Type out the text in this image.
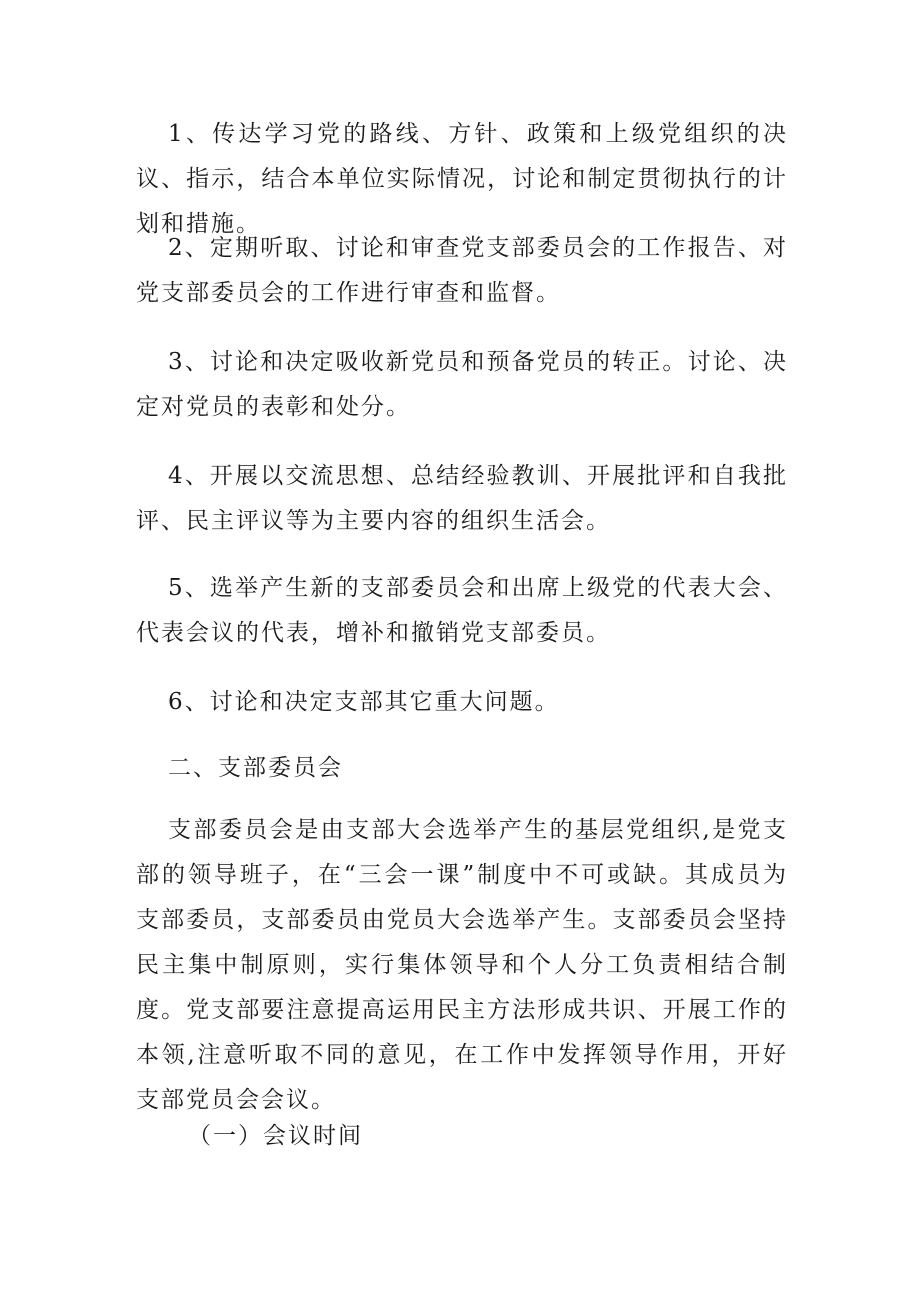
1、传达学习党的路线、方针、政策和上级党组织的决议、指示，结合本单位实际情况，讨论和制定贯彻执行的计划和措施。

2、定期听取、讨论和审查党支部委员会的工作报告、对党支部委员会的工作进行审查和监督。

3、讨论和决定吸收新党员和预备党员的转正。讨论、决定对党员的表彰和处分。

4、开展以交流思想、总结经验教训、开展批评和自我批评、民主评议等为主要内容的组织生活会。

5、选举产生新的支部委员会和出席上级党的代表大会、代表会议的代表，增补和撤销党支部委员。

6、讨论和决定支部其它重大问题。

二、支部委员会

支部委员会是由支部大会选举产生的基层党组织,是党支部的领导班子，在“三会一课”制度中不可或缺。其成员为支部委员，支部委员由党员大会选举产生。支部委员会坚持民主集中制原则，实行集体领导和个人分工负责相结合制度。党支部要注意提高运用民主方法形成共识、开展工作的本领,注意听取不同的意见，在工作中发挥领导作用，开好支部党员会会议。

（一）会议时间
